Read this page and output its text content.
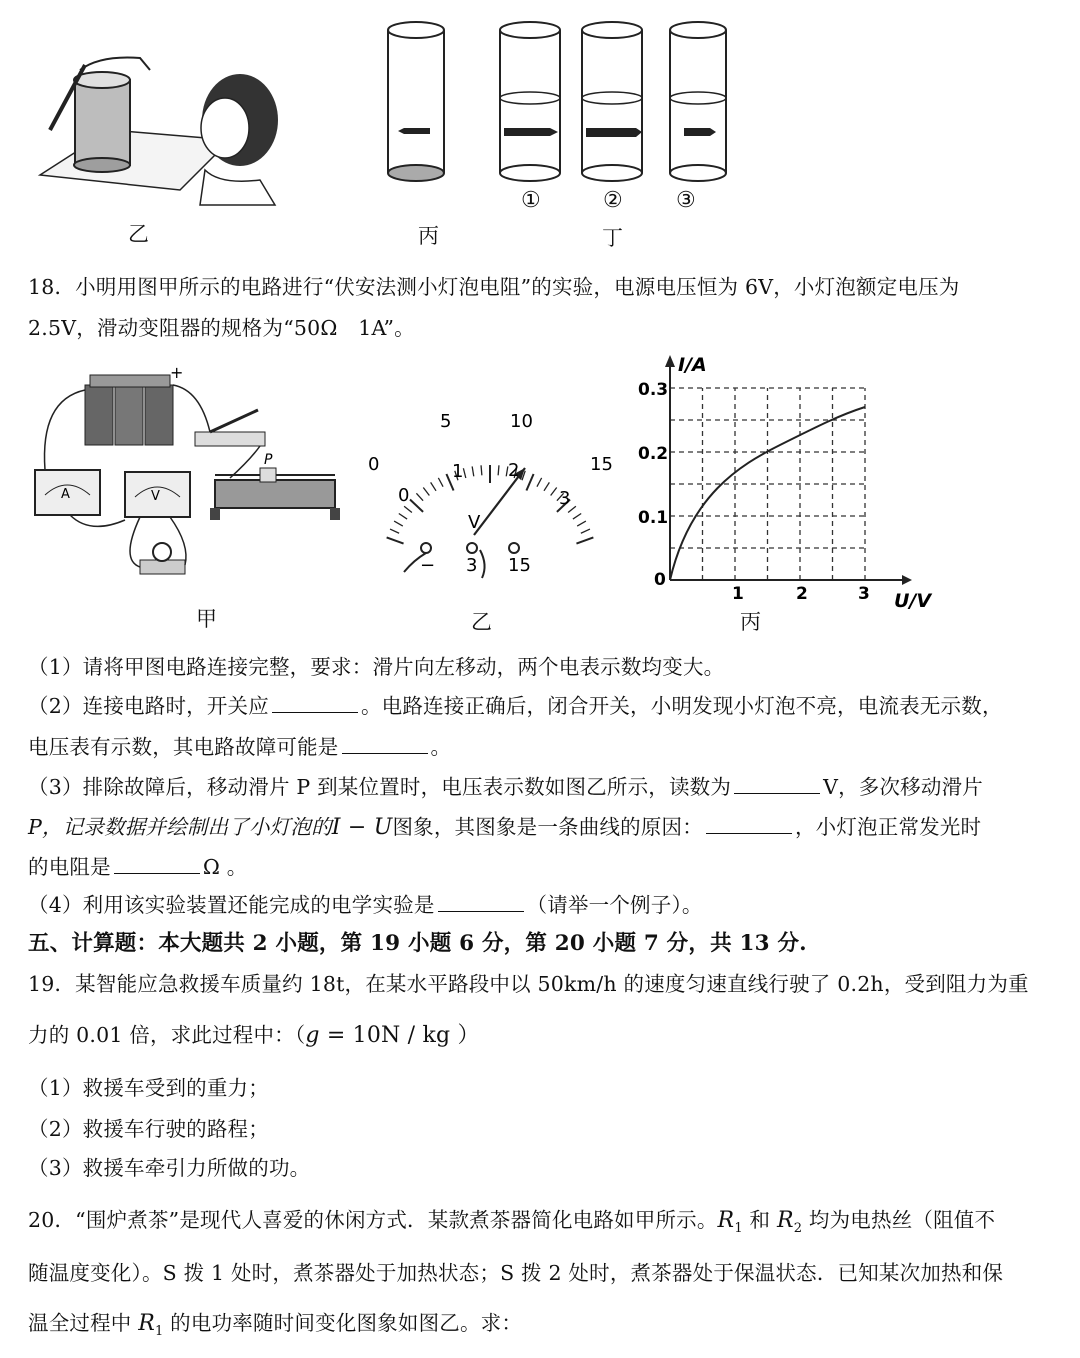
乙
①	② ③
丙	丁
18．小明用图甲所示的电路进行“伏安法测小灯泡电阻”的实验，电源电压恒为 6V，小灯泡额定电压为
2.5V，滑动变阻器的规格为“50Ω　1A”。
+
A	V
P
甲
0
5	10
15
0
1 2
3
V
− 3 15
乙
I/A
U/V
0
0.1
0.2
0.3
1	2	3
丙
（1）请将甲图电路连接完整，要求：滑片向左移动，两个电表示数均变大。
（2）连接电路时，开关应	。电路连接正确后，闭合开关，小明发现小灯泡不亮，电流表无示数，
电压表有示数，其电路故障可能是	。
（3）排除故障后，移动滑片 P 到某位置时，电压表示数如图乙所示，读数为	V，多次移动滑片
P，记录数据并绘制出了小灯泡的I − U图象，其图象是一条曲线的原因：	，小灯泡正常发光时
的电阻是	Ω 。
（4）利用该实验装置还能完成的电学实验是	（请举一个例子）。
五、计算题：本大题共 2 小题，第 19 小题 6 分，第 20 小题 7 分，共 13 分.
19．某智能应急救援车质量约 18t，在某水平路段中以 50km/h 的速度匀速直线行驶了 0.2h，受到阻力为重
力的 0.01 倍，求此过程中：（g = 10N / kg ）
（1）救援车受到的重力；
（2）救援车行驶的路程；
（3）救援车牵引力所做的功。
20．“围炉煮茶”是现代人喜爱的休闲方式．某款煮茶器简化电路如甲所示。$R_1$ 和 $R_2$ 均为电热丝（阻值不
随温度变化）。S 拨 1 处时，煮茶器处于加热状态；S 拨 2 处时，煮茶器处于保温状态．已知某次加热和保
温全过程中 $R_1$ 的电功率随时间变化图象如图乙。求：
